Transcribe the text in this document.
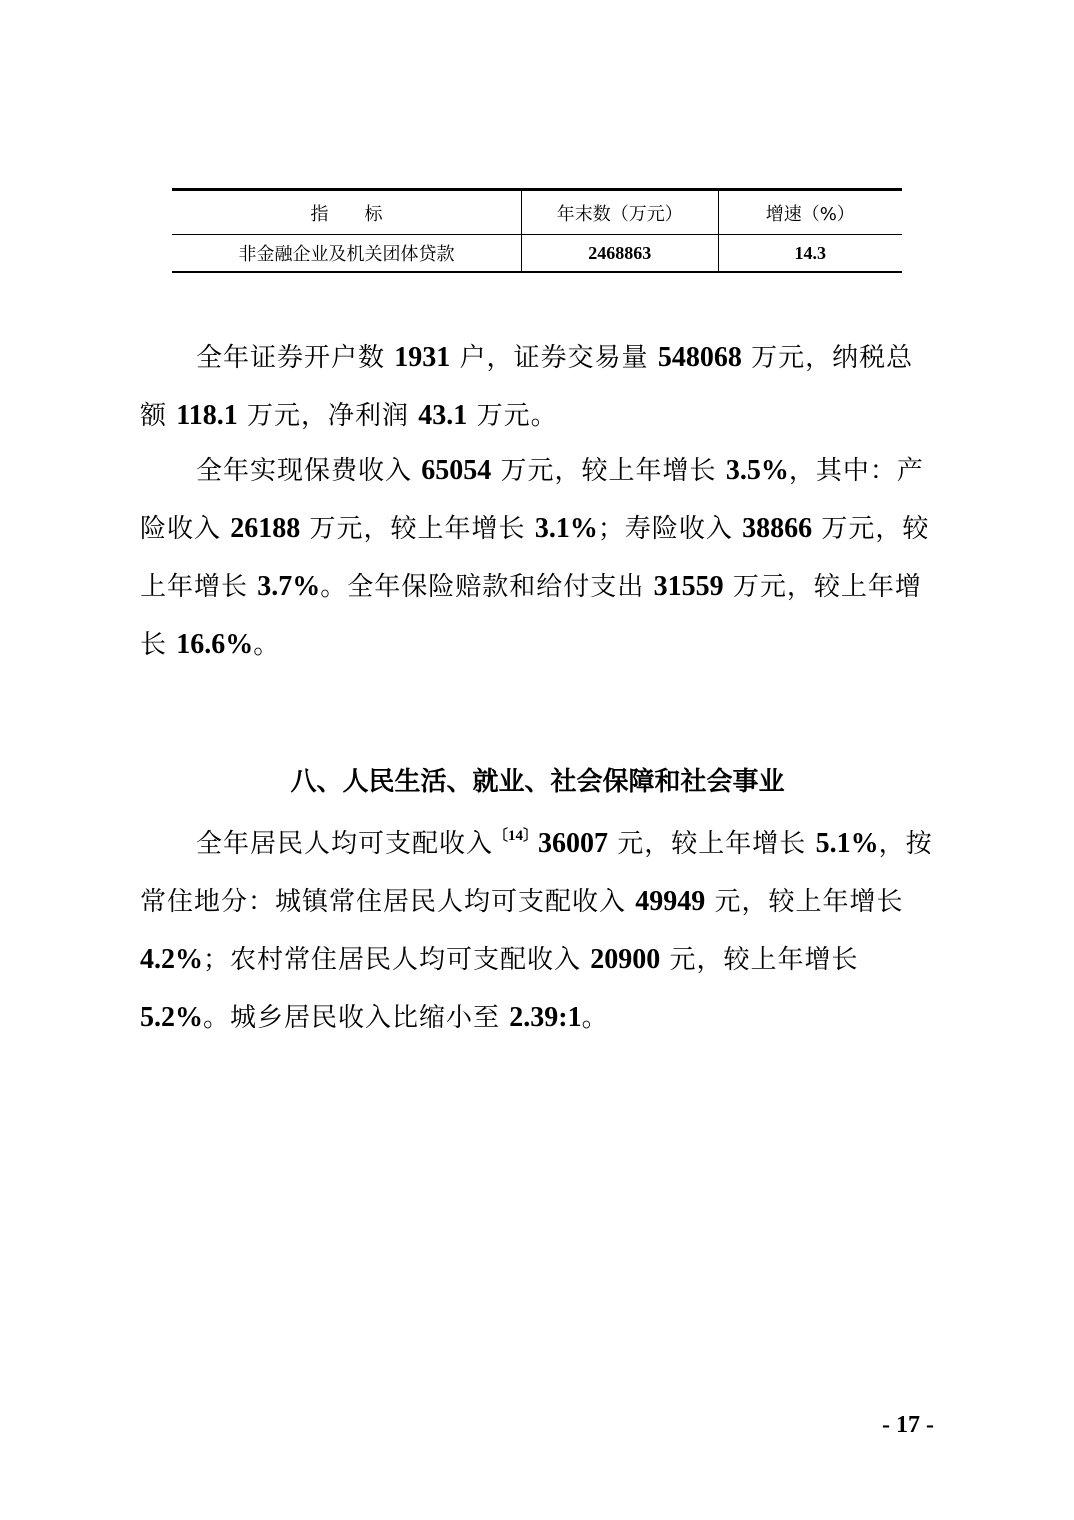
指　　标	年末数（万元）	增速（%）
非金融企业及机关团体贷款	2468863	14.3

全年证券开户数 1931 户，证券交易量 548068 万元，纳税总额 118.1 万元，净利润 43.1 万元。

全年实现保费收入 65054 万元，较上年增长 3.5%，其中：产险收入 26188 万元，较上年增长 3.1%；寿险收入 38866 万元，较上年增长 3.7%。全年保险赔款和给付支出 31559 万元，较上年增长 16.6%。

八、人民生活、就业、社会保障和社会事业

全年居民人均可支配收入$^{〔14〕}$36007 元，较上年增长 5.1%，按常住地分：城镇常住居民人均可支配收入 49949 元，较上年增长 4.2%；农村常住居民人均可支配收入 20900 元，较上年增长 5.2%。城乡居民收入比缩小至 2.39:1。

- 17 -
